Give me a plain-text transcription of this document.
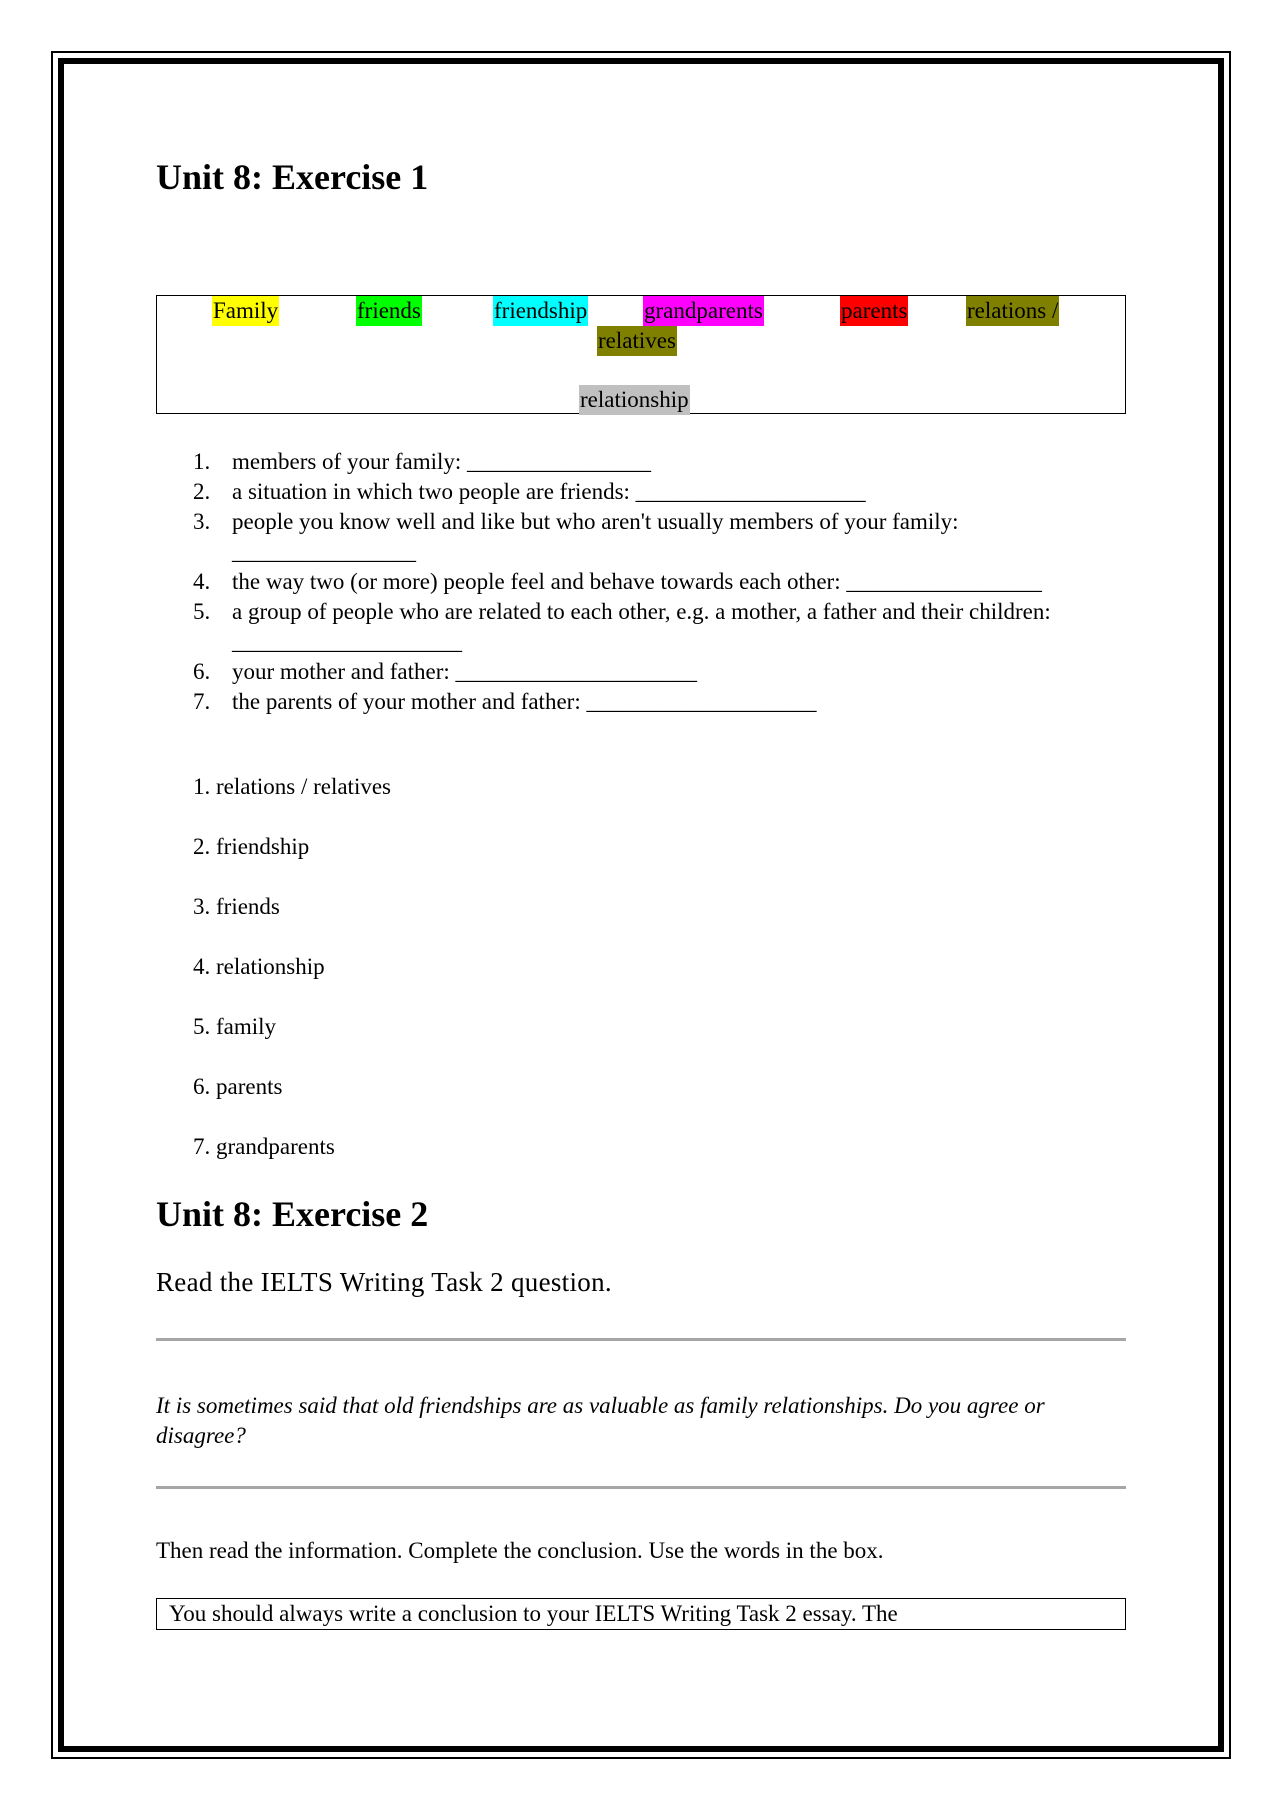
Unit 8: Exercise 1
Family	friends	friendship grandparents	parents	relations /
relatives
relationship
1. members of your family: ________________
2. a situation in which two people are friends: ____________________
3. people you know well and like but who aren't usually members of your family: ________________
4. the way two (or more) people feel and behave towards each other: _________________
5. a group of people who are related to each other, e.g. a mother, a father and their children: ____________________
6. your mother and father: _____________________
7. the parents of your mother and father: ____________________
1. relations / relatives
2. friendship
3. friends
4. relationship
5. family
6. parents
7. grandparents
Unit 8: Exercise 2
Read the IELTS Writing Task 2 question.
It is sometimes said that old friendships are as valuable as family relationships. Do you agree or disagree?
Then read the information. Complete the conclusion. Use the words in the box.
You should always write a conclusion to your IELTS Writing Task 2 essay. The
